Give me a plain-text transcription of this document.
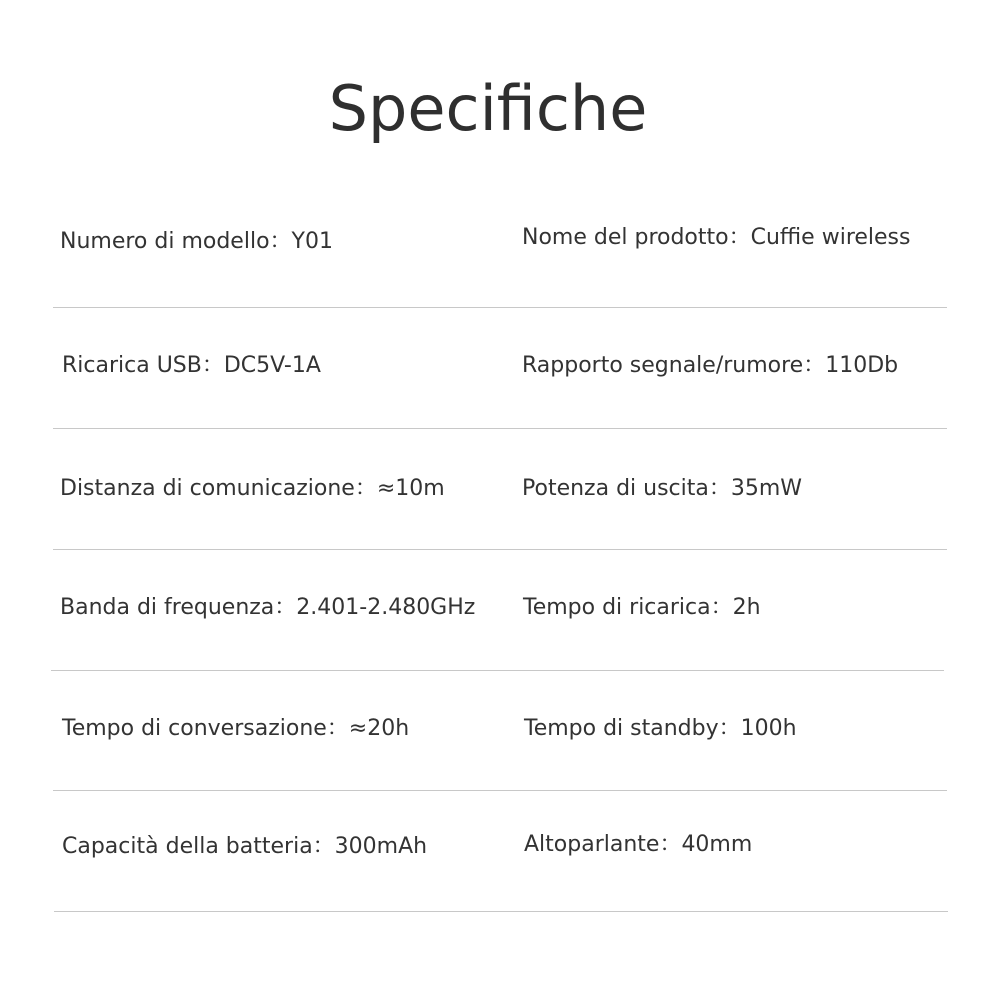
Specifiche
Numero di modello：Y01	Nome del prodotto：Cuffie wireless
Ricarica USB：DC5V-1A	Rapporto segnale/rumore：110Db
Distanza di comunicazione：≈10m	Potenza di uscita：35mW
Banda di frequenza：2.401-2.480GHz Tempo di ricarica：2h
Tempo di conversazione：≈20h	Tempo di standby：100h
Capacità della batteria：300mAh	Altoparlante：40mm
